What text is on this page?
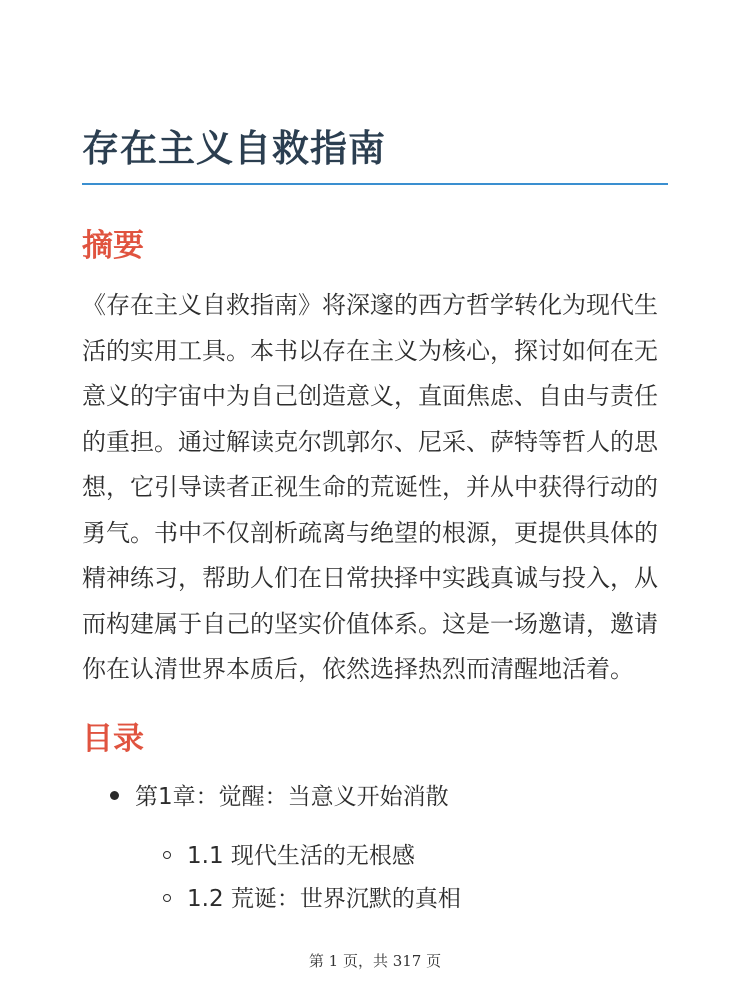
存在主义自救指南
摘要

《存在主义自救指南》将深邃的西方哲学转化为现代生活的实用工具。本书以存在主义为核心，探讨如何在无意义的宇宙中为自己创造意义，直面焦虑、自由与责任的重担。通过解读克尔凯郭尔、尼采、萨特等哲人的思想，它引导读者正视生命的荒诞性，并从中获得行动的勇气。书中不仅剖析疏离与绝望的根源，更提供具体的精神练习，帮助人们在日常抉择中实践真诚与投入，从而构建属于自己的坚实价值体系。这是一场邀请，邀请你在认清世界本质后，依然选择热烈而清醒地活着。

目录
第1章：觉醒：当意义开始消散
1.1 现代生活的无根感
1.2 荒诞：世界沉默的真相
第 1 页，共 317 页
